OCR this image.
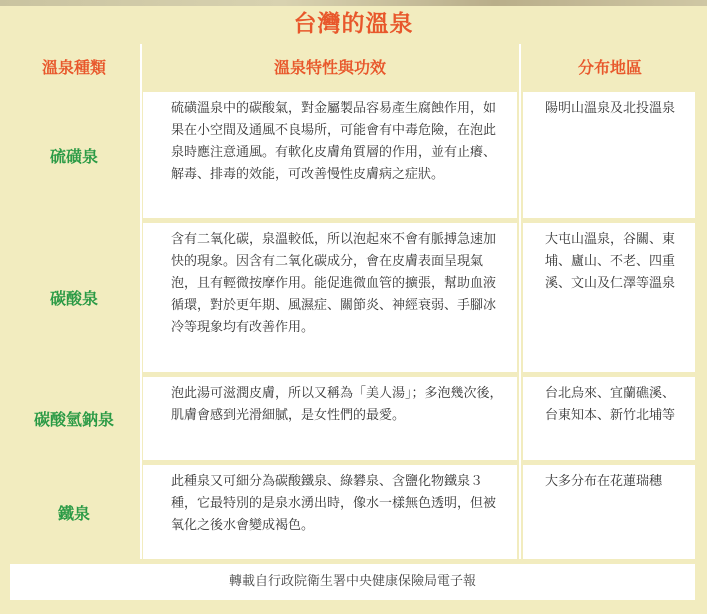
台灣的溫泉
溫泉種類	溫泉特性與功效	分布地區
硫磺泉
硫磺溫泉中的碳酸氣，對金屬製品容易產生腐蝕作用，如果在小空間及通風不良場所，可能會有中毒危險，在泡此泉時應注意通風。有軟化皮膚角質層的作用，並有止癢、解毒、排毒的效能，可改善慢性皮膚病之症狀。
陽明山溫泉及北投溫泉
碳酸泉
含有二氧化碳，泉溫較低，所以泡起來不會有脈搏急速加快的現象。因含有二氧化碳成分，會在皮膚表面呈現氣泡，且有輕微按摩作用。能促進微血管的擴張，幫助血液循環，對於更年期、風濕症、關節炎、神經衰弱、手腳冰冷等現象均有改善作用。
大屯山溫泉，谷關、東埔、廬山、不老、四重溪、文山及仁澤等溫泉
碳酸氫鈉泉
泡此湯可滋潤皮膚，所以又稱為「美人湯」；多泡幾次後，肌膚會感到光滑細膩，是女性們的最愛。
台北烏來、宜蘭礁溪、台東知本、新竹北埔等
鐵泉
此種泉又可細分為碳酸鐵泉、綠礬泉、含鹽化物鐵泉３種，它最特別的是泉水湧出時，像水一樣無色透明，但被氧化之後水會變成褐色。
大多分布在花蓮瑞穗
轉載自行政院衛生署中央健康保險局電子報
